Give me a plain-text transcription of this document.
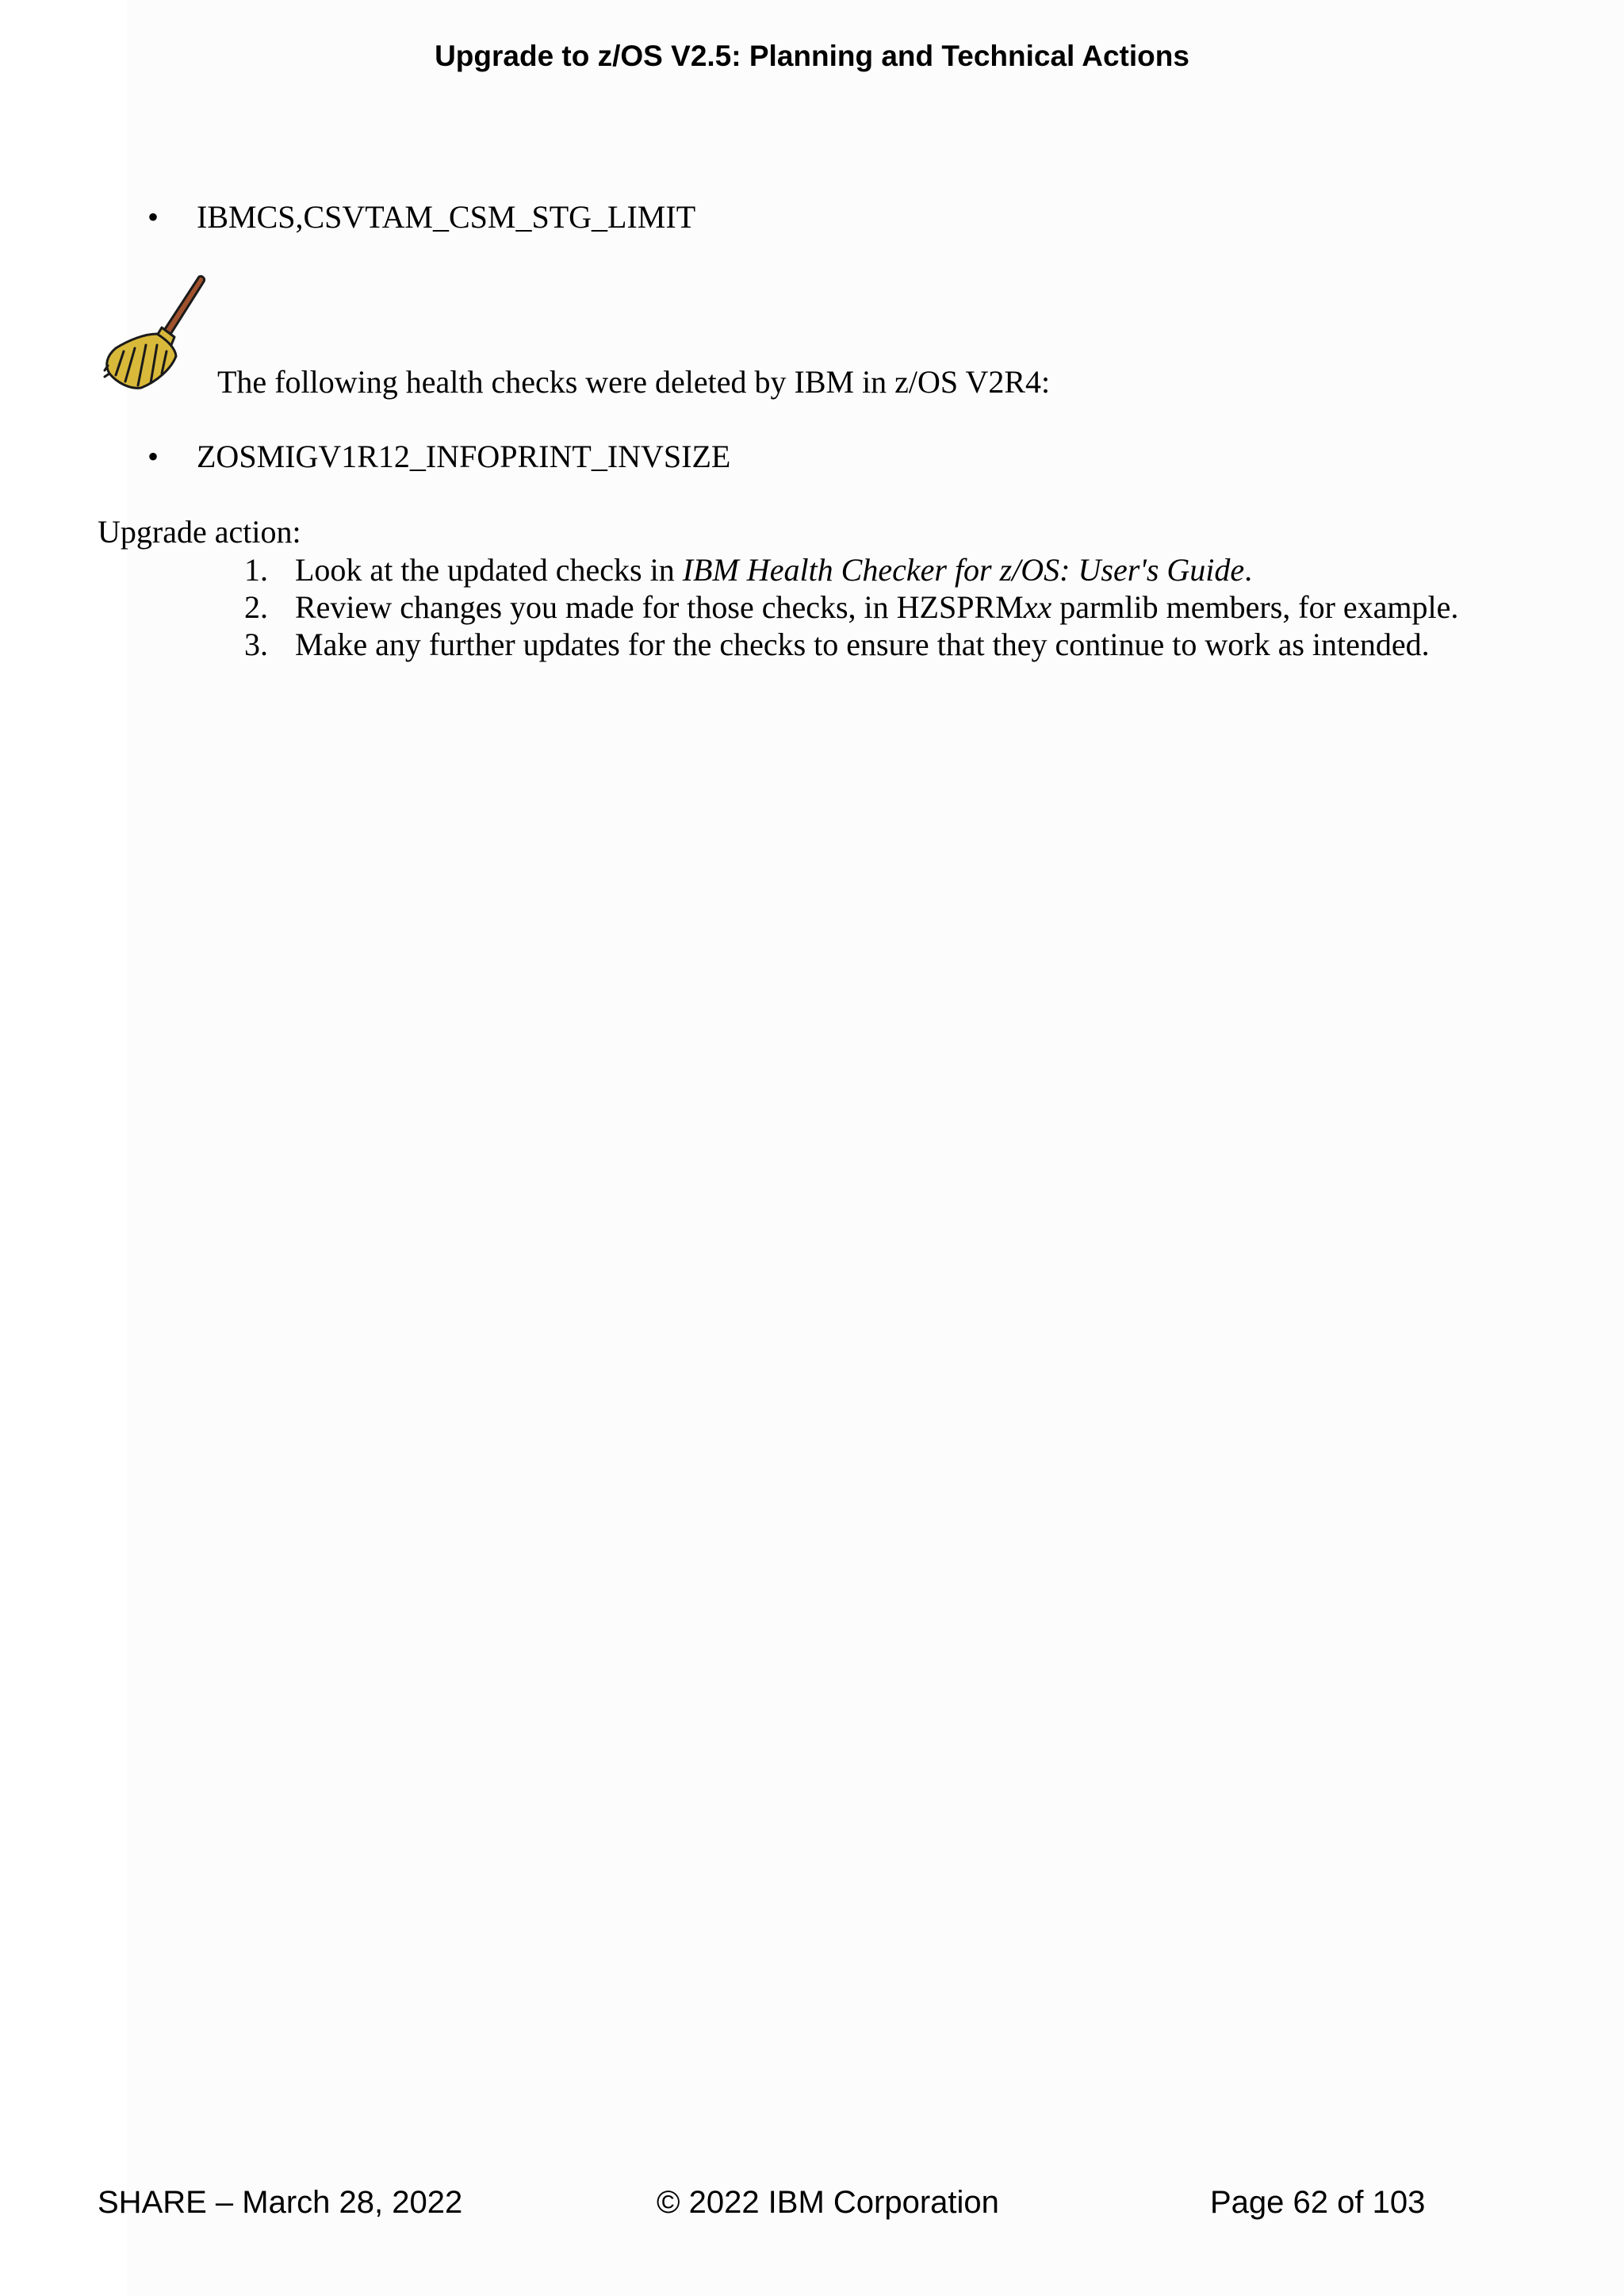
Upgrade to z/OS V2.5: Planning and Technical Actions
• IBMCS,CSVTAM_CSM_STG_LIMIT
The following health checks were deleted by IBM in z/OS V2R4:
• ZOSMIGV1R12_INFOPRINT_INVSIZE
Upgrade action:
1. Look at the updated checks in IBM Health Checker for z/OS: User's Guide.
2. Review changes you made for those checks, in HZSPRMxx parmlib members, for example.
3. Make any further updates for the checks to ensure that they continue to work as intended.
SHARE – March 28, 2022	© 2022 IBM Corporation	Page 62 of 103
